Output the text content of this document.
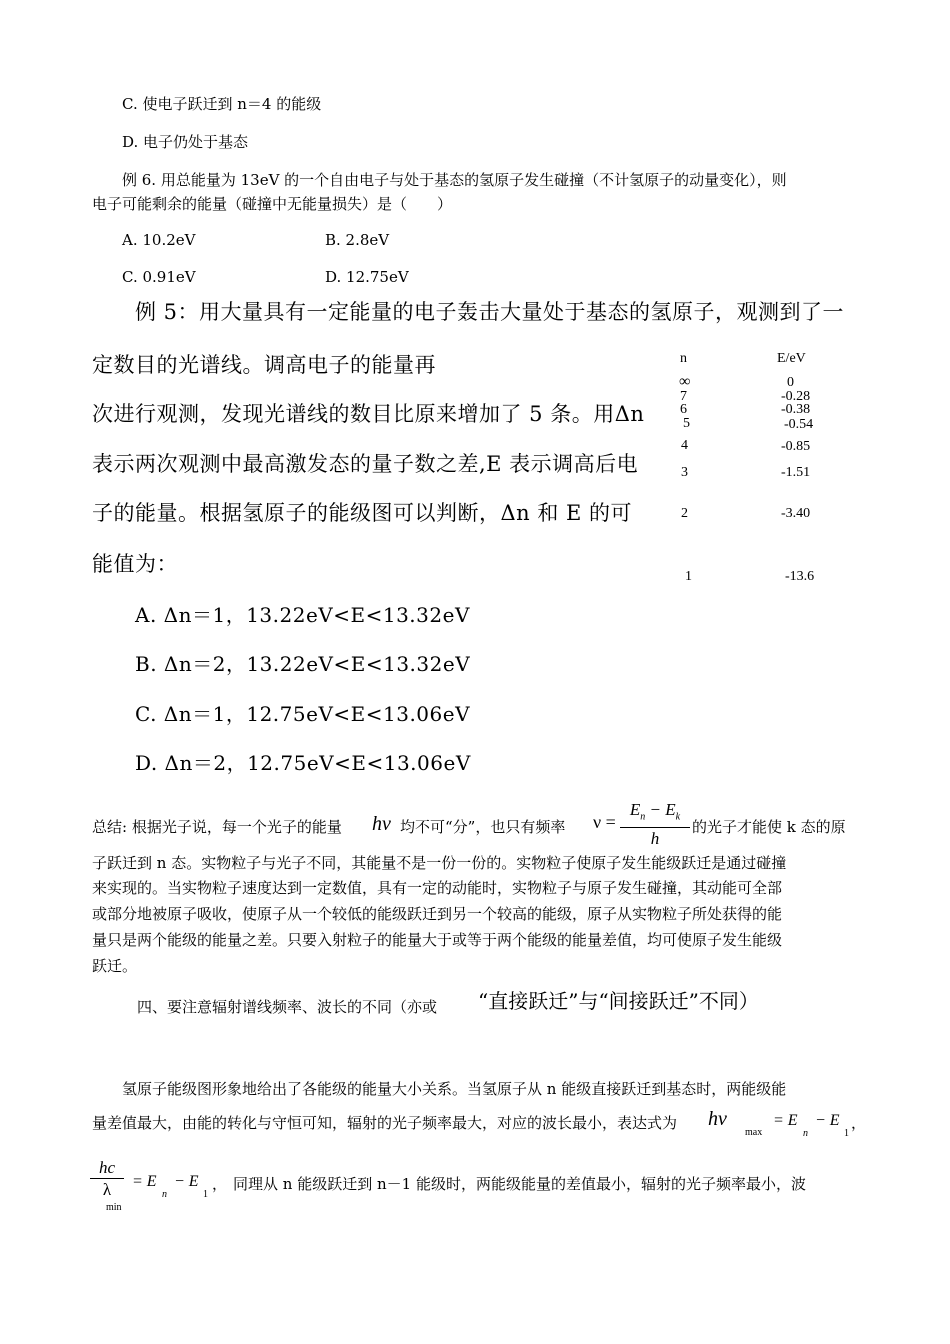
C. 使电子跃迁到 n＝4 的能级
D. 电子仍处于基态
例 6. 用总能量为 13eV 的一个自由电子与处于基态的氢原子发生碰撞（不计氢原子的动量变化），则
电子可能剩余的能量（碰撞中无能量损失）是（　　）
A. 10.2eV	B. 2.8eV
C. 0.91eV	D. 12.75eV
例 5：用大量具有一定能量的电子轰击大量处于基态的氢原子，观测到了一
定数目的光谱线。调高电子的能量再
次进行观测，发现光谱线的数目比原来增加了 5 条。用Δn
表示两次观测中最高激发态的量子数之差,E 表示调高后电
子的能量。根据氢原子的能级图可以判断，Δn 和 E 的可
能值为：
n	E/eV
∞	0
7	-0.28
6	-0.38
5	-0.54
4	-0.85
3	-1.51
2	-3.40
1	-13.6
A. Δn＝1，13.22eV<E<13.32eV
B. Δn＝2，13.22eV<E<13.32eV
C. Δn＝1，12.75eV<E<13.06eV
D. Δn＝2，12.75eV<E<13.06eV
总结: 根据光子说，每一个光子的能量 hν 均不可“分”，也只有频率 $\nu = \frac{E_n - E_k}{h}$ 的光子才能使 k 态的原
子跃迁到 n 态。实物粒子与光子不同，其能量不是一份一份的。实物粒子使原子发生能级跃迁是通过碰撞
来实现的。当实物粒子速度达到一定数值，具有一定的动能时，实物粒子与原子发生碰撞，其动能可全部
或部分地被原子吸收，使原子从一个较低的能级跃迁到另一个较高的能级，原子从实物粒子所处获得的能
量只是两个能级的能量之差。只要入射粒子的能量大于或等于两个能级的能量差值，均可使原子发生能级
跃迁。
四、要注意辐射谱线频率、波长的不同（亦或 “直接跃迁”与“间接跃迁”不同）
氢原子能级图形象地给出了各能级的能量大小关系。当氢原子从 n 能级直接跃迁到基态时，两能级能
量差值最大，由能的转化与守恒可知，辐射的光子频率最大，对应的波长最小，表达式为 hν
max
= E
n
− E
1
，
$\frac{hc}{\lambda}$
min
= E
n
− E
1
， 同理从 n 能级跃迁到 n－1 能级时，两能级能量的差值最小，辐射的光子频率最小，波
